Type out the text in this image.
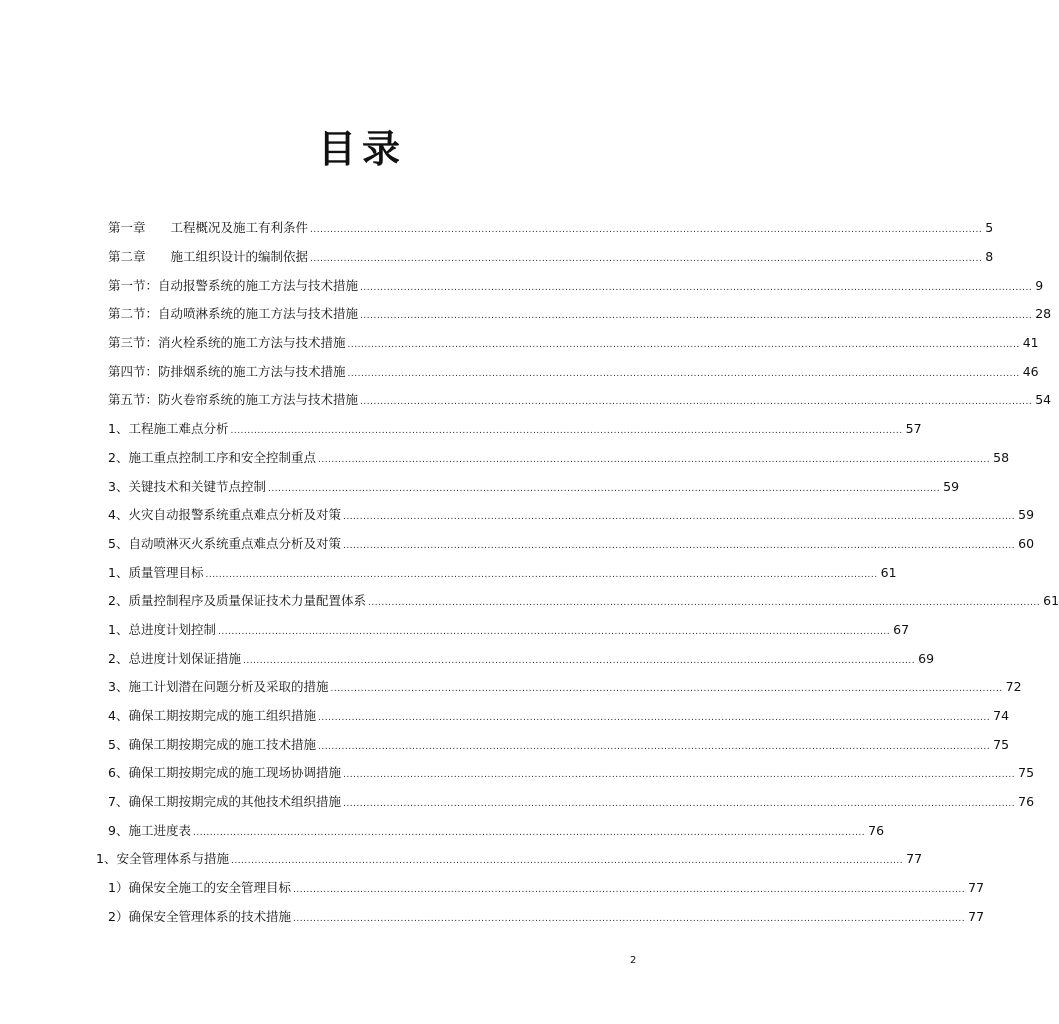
目录
第一章　　工程概况及施工有利条件 ........................................................................................................................................................................................................ 5
第二章　　施工组织设计的编制依据 ........................................................................................................................................................................................................ 8
第一节：自动报警系统的施工方法与技术措施 ........................................................................................................................................................................................................ 9
第二节：自动喷淋系统的施工方法与技术措施 ........................................................................................................................................................................................................ 28
第三节：消火栓系统的施工方法与技术措施 ........................................................................................................................................................................................................ 41
第四节：防排烟系统的施工方法与技术措施 ........................................................................................................................................................................................................ 46
第五节：防火卷帘系统的施工方法与技术措施 ........................................................................................................................................................................................................ 54
1、工程施工难点分析 ........................................................................................................................................................................................................ 57
2、施工重点控制工序和安全控制重点 ........................................................................................................................................................................................................ 58
3、关键技术和关键节点控制 ........................................................................................................................................................................................................ 59
4、火灾自动报警系统重点难点分析及对策 ........................................................................................................................................................................................................ 59
5、自动喷淋灭火系统重点难点分析及对策 ........................................................................................................................................................................................................ 60
1、质量管理目标 ........................................................................................................................................................................................................ 61
2、质量控制程序及质量保证技术力量配置体系 ........................................................................................................................................................................................................ 61
1、总进度计划控制 ........................................................................................................................................................................................................ 67
2、总进度计划保证措施 ........................................................................................................................................................................................................ 69
3、施工计划潜在问题分析及采取的措施 ........................................................................................................................................................................................................ 72
4、确保工期按期完成的施工组织措施 ........................................................................................................................................................................................................ 74
5、确保工期按期完成的施工技术措施 ........................................................................................................................................................................................................ 75
6、确保工期按期完成的施工现场协调措施 ........................................................................................................................................................................................................ 75
7、确保工期按期完成的其他技术组织措施 ........................................................................................................................................................................................................ 76
9、施工进度表 ........................................................................................................................................................................................................ 76
1、安全管理体系与措施 ........................................................................................................................................................................................................ 77
1）确保安全施工的安全管理目标 ........................................................................................................................................................................................................ 77
2）确保安全管理体系的技术措施 ........................................................................................................................................................................................................ 77
2
